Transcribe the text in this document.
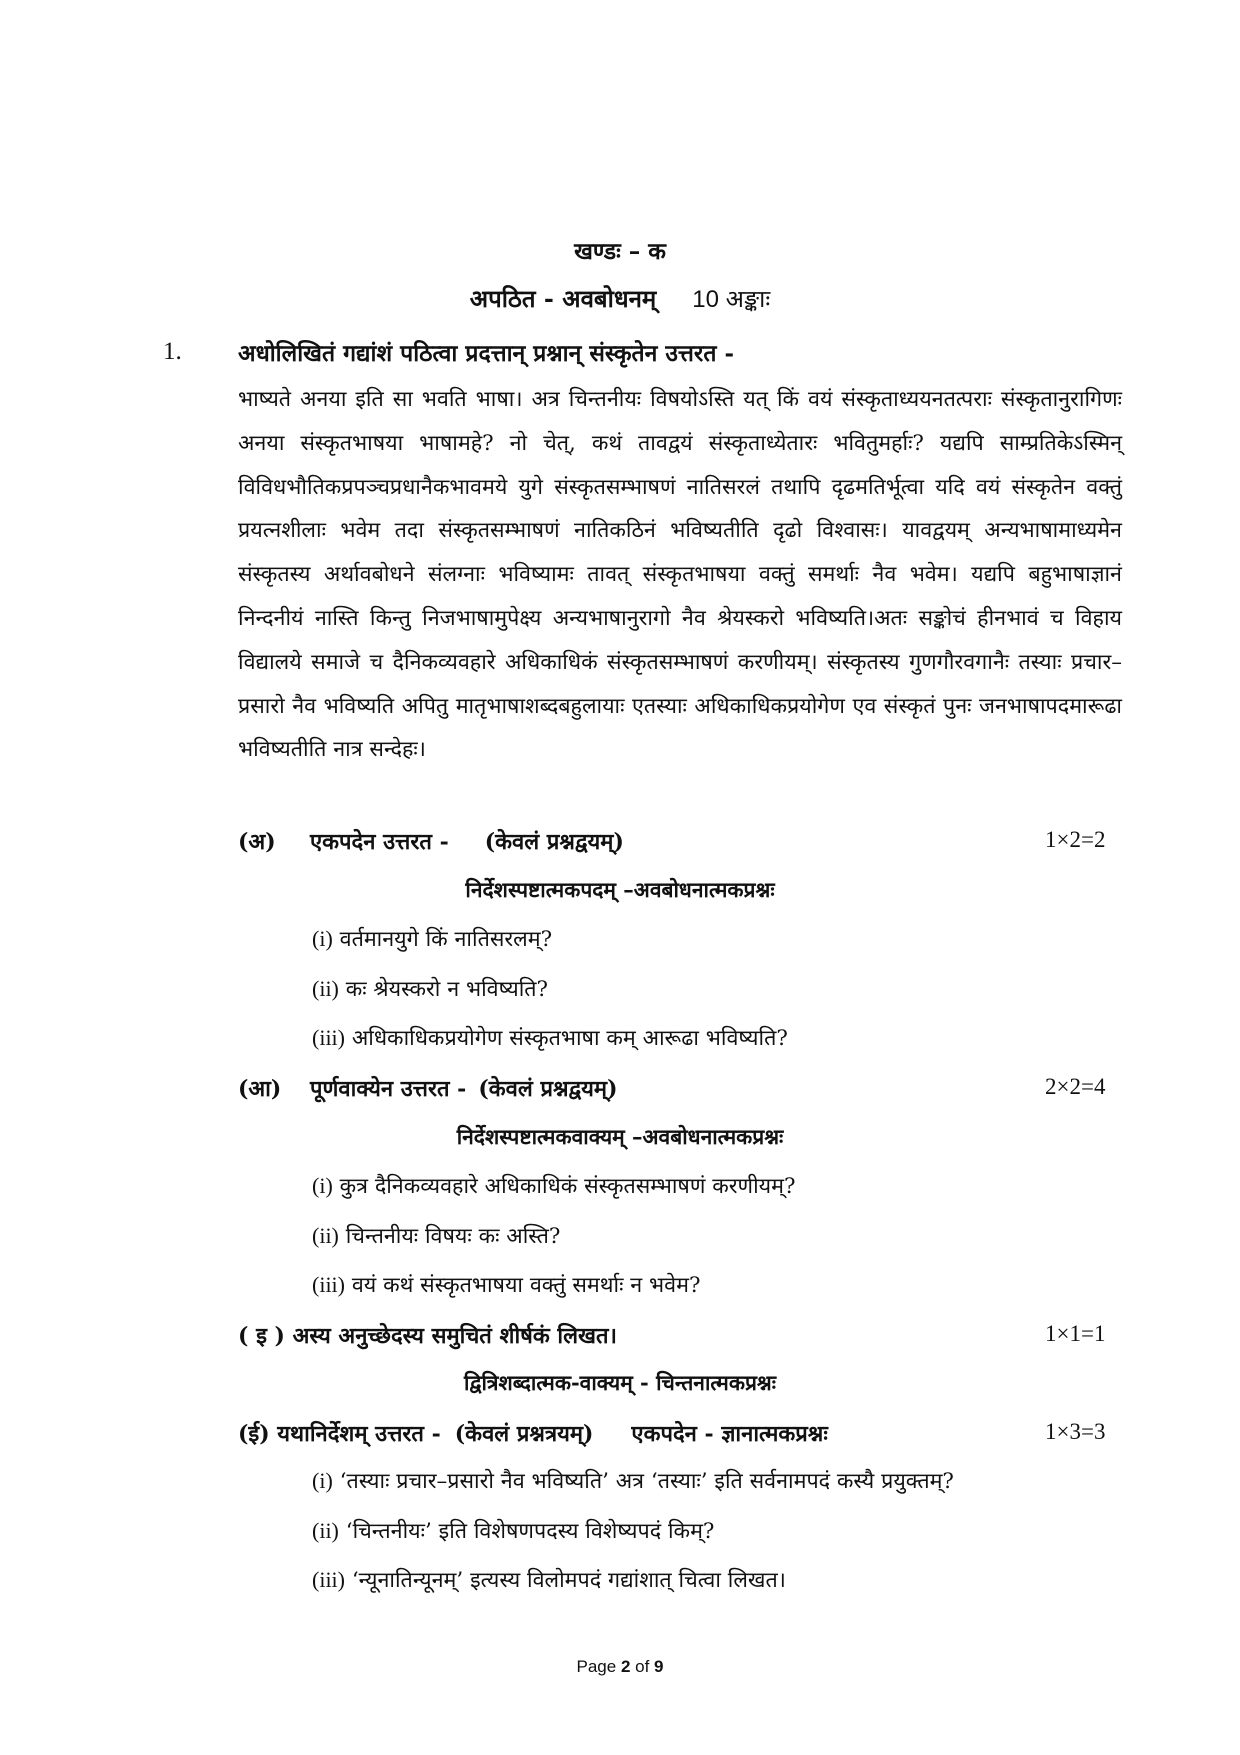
खण्डः – क
अपठित - अवबोधनम् 10 अङ्काः
1. अधोलिखितं गद्यांशं पठित्वा प्रदत्तान् प्रश्नान् संस्कृतेन उत्तरत -

भाष्यते अनया इति सा भवति भाषा। अत्र चिन्तनीयः विषयोऽस्ति यत् किं वयं संस्कृताध्ययनतत्पराः संस्कृतानुरागिणः अनया संस्कृतभाषया भाषामहे? नो चेत्, कथं तावद्वयं संस्कृताध्येतारः भवितुमर्हाः? यद्यपि साम्प्रतिकेऽस्मिन् विविधभौतिकप्रपञ्चप्रधानैकभावमये युगे संस्कृतसम्भाषणं नातिसरलं तथापि दृढमतिर्भूत्वा यदि वयं संस्कृतेन वक्तुं प्रयत्नशीलाः भवेम तदा संस्कृतसम्भाषणं नातिकठिनं भविष्यतीति दृढो विश्वासः। यावद्वयम् अन्यभाषामाध्यमेन संस्कृतस्य अर्थावबोधने संलग्नाः भविष्यामः तावत् संस्कृतभाषया वक्तुं समर्थाः नैव भवेम। यद्यपि बहुभाषाज्ञानं निन्दनीयं नास्ति किन्तु निजभाषामुपेक्ष्य अन्यभाषानुरागो नैव श्रेयस्करो भविष्यति।अतः सङ्कोचं हीनभावं च विहाय विद्यालये समाजे च दैनिकव्यवहारे अधिकाधिकं संस्कृतसम्भाषणं करणीयम्। संस्कृतस्य गुणगौरवगानैः तस्याः प्रचार–प्रसारो नैव भविष्यति अपितु मातृभाषाशब्दबहुलायाः एतस्याः अधिकाधिकप्रयोगेण एव संस्कृतं पुनः जनभाषापदमारूढा भविष्यतीति नात्र सन्देहः।

(अ) एकपदेन उत्तरत - (केवलं प्रश्नद्वयम्)	1×2=2
निर्देशस्पष्टात्मकपदम् –अवबोधनात्मकप्रश्नः
(i) वर्तमानयुगे किं नातिसरलम्?
(ii) कः श्रेयस्करो न भविष्यति?
(iii) अधिकाधिकप्रयोगेण संस्कृतभाषा कम् आरूढा भविष्यति?
(आ) पूर्णवाक्येन उत्तरत - (केवलं प्रश्नद्वयम्)	2×2=4
निर्देशस्पष्टात्मकवाक्यम् –अवबोधनात्मकप्रश्नः
(i) कुत्र दैनिकव्यवहारे अधिकाधिकं संस्कृतसम्भाषणं करणीयम्?
(ii) चिन्तनीयः विषयः कः अस्ति?
(iii) वयं कथं संस्कृतभाषया वक्तुं समर्थाः न भवेम?
( इ ) अस्य अनुच्छेदस्य समुचितं शीर्षकं लिखत।	1×1=1
द्वित्रिशब्दात्मक-वाक्यम् - चिन्तनात्मकप्रश्नः
(ई) यथानिर्देशम् उत्तरत - (केवलं प्रश्नत्रयम्) एकपदेन - ज्ञानात्मकप्रश्नः	1×3=3
(i) ‘तस्याः प्रचार–प्रसारो नैव भविष्यति’ अत्र ‘तस्याः’ इति सर्वनामपदं कस्यै प्रयुक्तम्?
(ii) ‘चिन्तनीयः’ इति विशेषणपदस्य विशेष्यपदं किम्?
(iii) ‘न्यूनातिन्यूनम्’ इत्यस्य विलोमपदं गद्यांशात् चित्वा लिखत।
Page 2 of 9
